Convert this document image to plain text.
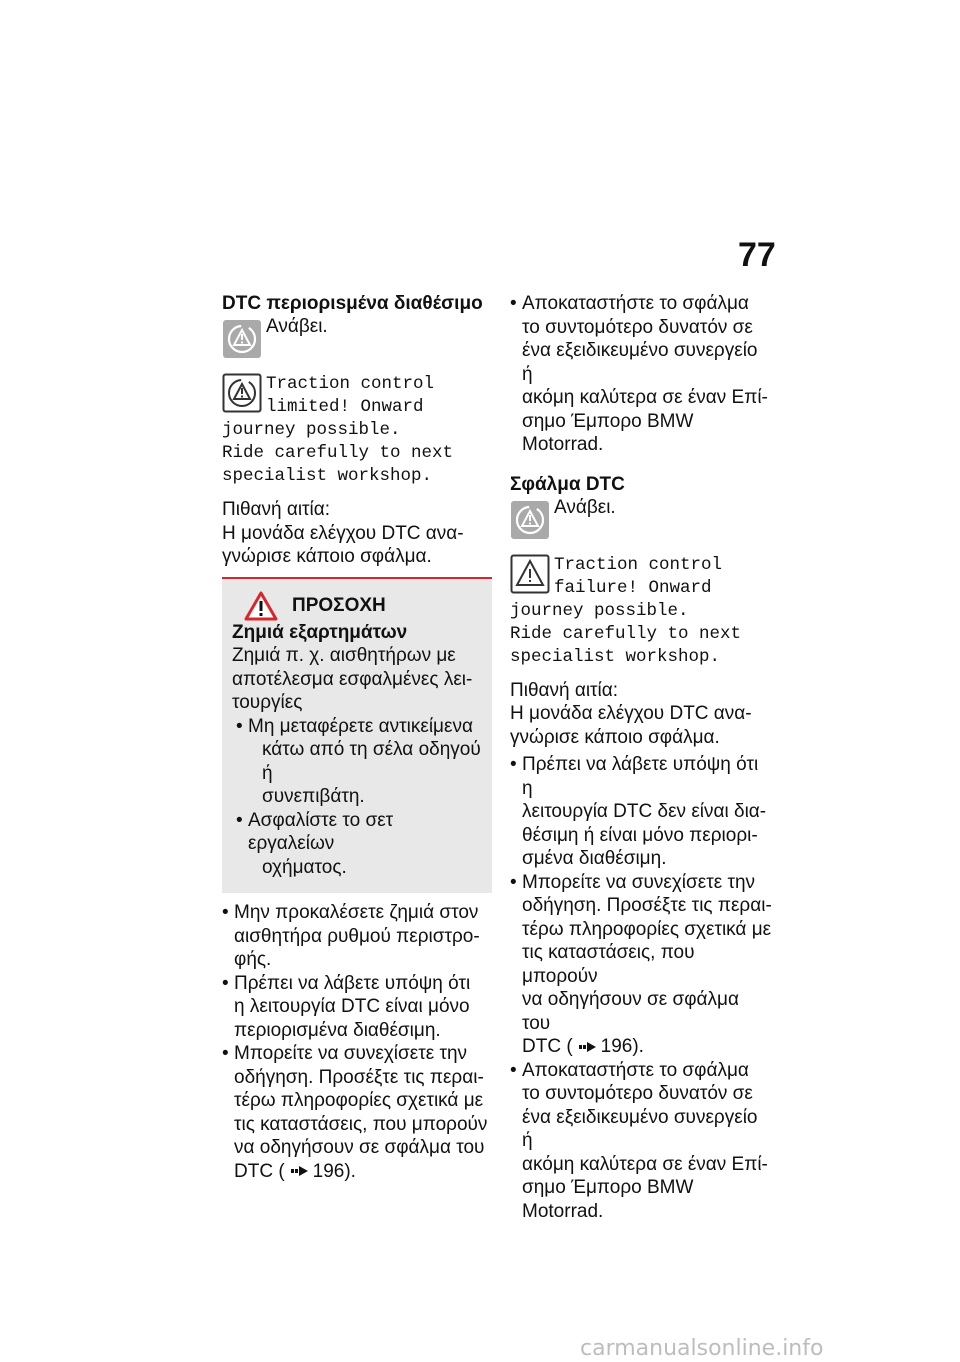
77
DTC περιοριsμένα διαθέσιμο
Ανάβει.
Traction control
limited! Onward
journey possible.
Ride carefully to next
specialist workshop.

Πιθανή αιτία:

Η μονάδα ελέγχου DTC ανα-

γνώρισε κάποιο σφάλμα.

ΠΡΟΣΟΧΗ

Ζημιά εξαρτημάτων

Ζημιά π. χ. αισθητήρων με

αποτέλεσμα εσφαλμένες λει-

τουργίες

• Μη μεταφέρετε αντικείμενα

κάτω από τη σέλα οδηγού ή

συνεπιβάτη.

• Ασφαλίστε το σετ εργαλείων

οχήματος.

• Μην προκαλέσετε ζημιά στον

αισθητήρα ρυθμού περιστρο-

φής.

• Πρέπει να λάβετε υπόψη ότι

η λειτουργία DTC είναι μόνο

περιορισμένα διαθέσιμη.

• Μπορείτε να συνεχίσετε την

οδήγηση. Προσέξτε τις περαι-

τέρω πληροφορίες σχετικά με

τις καταστάσεις, που μπορούν

να οδηγήσουν σε σφάλμα του

DTC ( 196).

• Αποκαταστήστε το σφάλμα

το συντομότερο δυνατόν σε

ένα εξειδικευμένο συνεργείο ή

ακόμη καλύτερα σε έναν Επί-

σημο Έμπορο BMW Motorrad.

Σφάλμα DTC
Ανάβει.
Traction control
failure! Onward
journey possible.
Ride carefully to next
specialist workshop.

Πιθανή αιτία:

Η μονάδα ελέγχου DTC ανα-

γνώρισε κάποιο σφάλμα.

• Πρέπει να λάβετε υπόψη ότι η

λειτουργία DTC δεν είναι δια-

θέσιμη ή είναι μόνο περιορι-

σμένα διαθέσιμη.

• Μπορείτε να συνεχίσετε την

οδήγηση. Προσέξτε τις περαι-

τέρω πληροφορίες σχετικά με

τις καταστάσεις, που μπορούν

να οδηγήσουν σε σφάλμα του

DTC ( 196).

• Αποκαταστήστε το σφάλμα

το συντομότερο δυνατόν σε

ένα εξειδικευμένο συνεργείο ή

ακόμη καλύτερα σε έναν Επί-

σημο Έμπορο BMW Motorrad.

carmanualsonline.info
